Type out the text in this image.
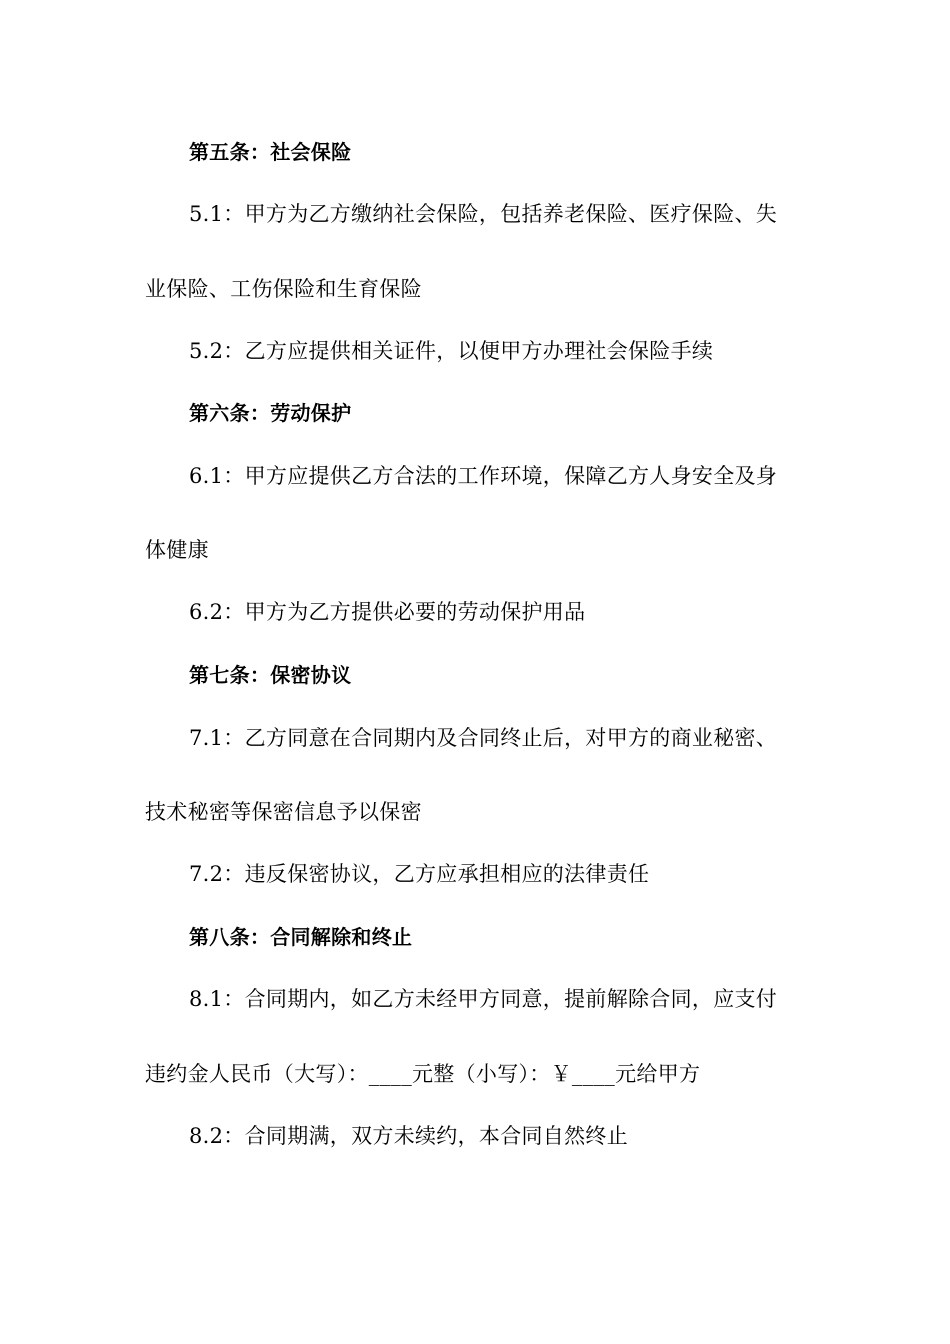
第五条：社会保险
5.1：甲方为乙方缴纳社会保险，包括养老保险、医疗保险、失
业保险、工伤保险和生育保险
5.2：乙方应提供相关证件，以便甲方办理社会保险手续
第六条：劳动保护
6.1：甲方应提供乙方合法的工作环境，保障乙方人身安全及身
体健康
6.2：甲方为乙方提供必要的劳动保护用品
第七条：保密协议
7.1：乙方同意在合同期内及合同终止后，对甲方的商业秘密、
技术秘密等保密信息予以保密
7.2：违反保密协议，乙方应承担相应的法律责任
第八条：合同解除和终止
8.1：合同期内，如乙方未经甲方同意，提前解除合同，应支付
违约金人民币（大写）：____元整（小写）：￥____元给甲方
8.2：合同期满，双方未续约，本合同自然终止
